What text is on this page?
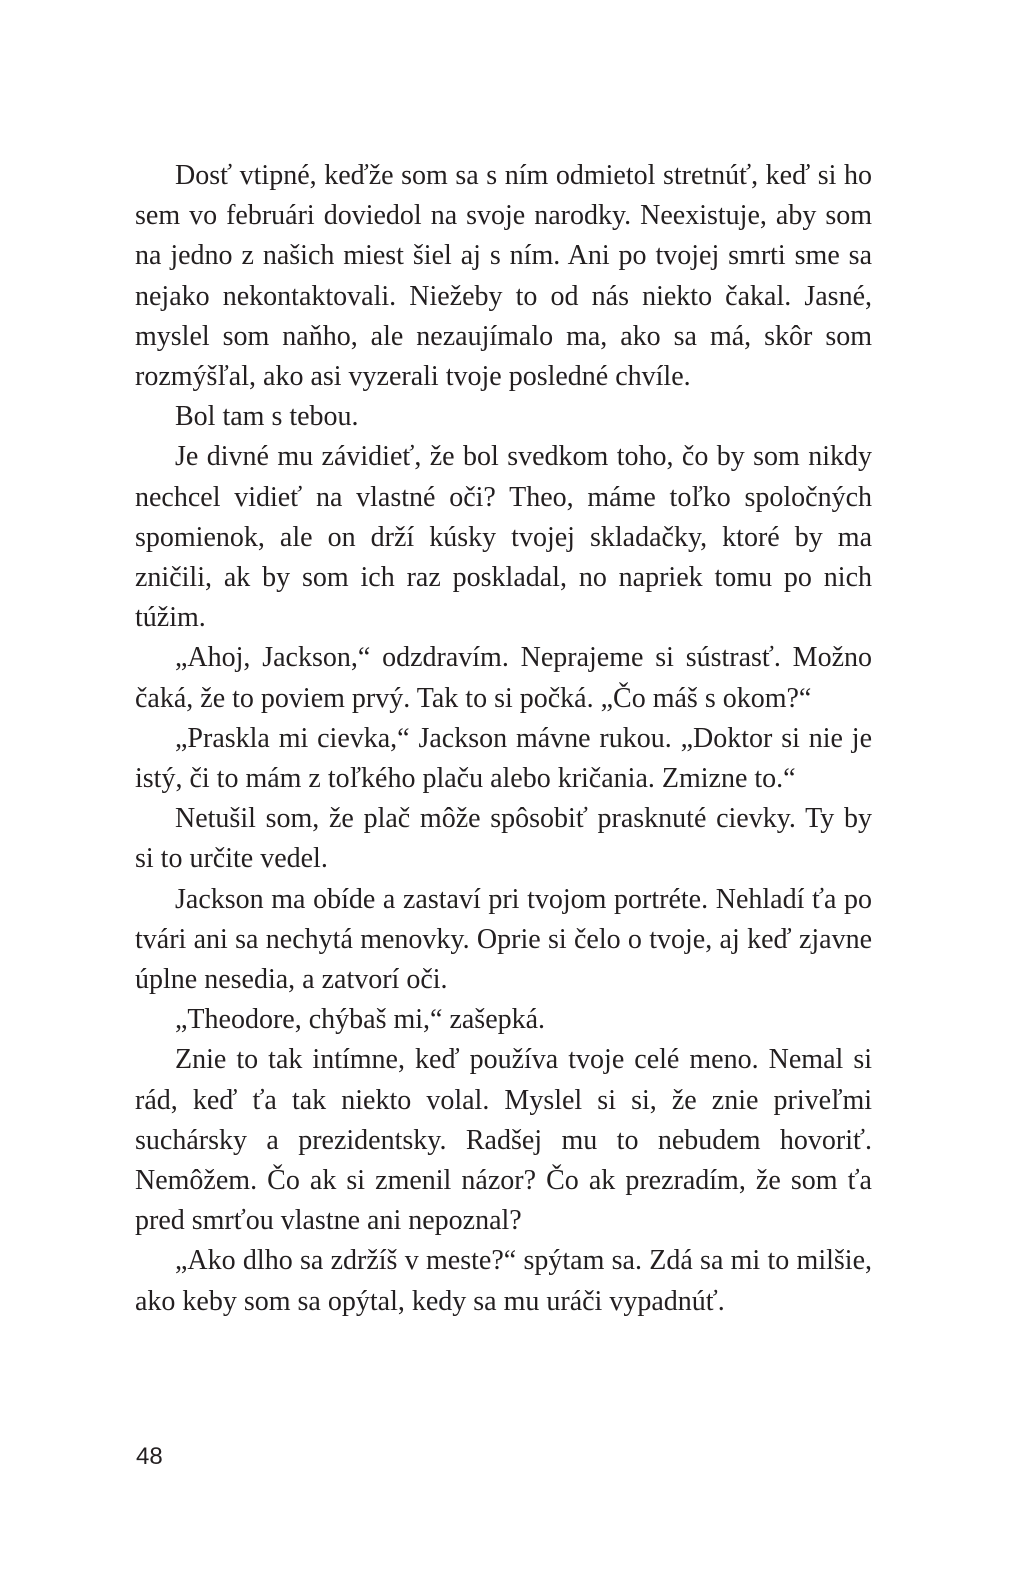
Dosť vtipné, keďže som sa s ním odmietol stretnúť, keď si ho sem vo februári doviedol na svoje narodky. Neexistuje, aby som na jedno z našich miest šiel aj s ním. Ani po tvojej smrti sme sa nejako nekontaktovali. Niežeby to od nás niekto čakal. Jasné, myslel som naňho, ale nezaujímalo ma, ako sa má, skôr som rozmýšľal, ako asi vyzerali tvoje posledné chvíle.

Bol tam s tebou.

Je divné mu závidieť, že bol svedkom toho, čo by som nikdy nechcel vidieť na vlastné oči? Theo, máme toľko spoločných spomienok, ale on drží kúsky tvojej skladačky, ktoré by ma zničili, ak by som ich raz poskladal, no napriek tomu po nich túžim.

„Ahoj, Jackson,“ odzdravím. Neprajeme si sústrasť. Možno čaká, že to poviem prvý. Tak to si počká. „Čo máš s okom?“

„Praskla mi cievka,“ Jackson mávne rukou. „Doktor si nie je istý, či to mám z toľkého plaču alebo kričania. Zmizne to.“

Netušil som, že plač môže spôsobiť prasknuté cievky. Ty by si to určite vedel.

Jackson ma obíde a zastaví pri tvojom portréte. Nehladí ťa po tvári ani sa nechytá menovky. Oprie si čelo o tvoje, aj keď zjavne úplne nesedia, a zatvorí oči.

„Theodore, chýbaš mi,“ zašepká.

Znie to tak intímne, keď používa tvoje celé meno. Nemal si rád, keď ťa tak niekto volal. Myslel si si, že znie priveľmi suchársky a prezidentsky. Radšej mu to nebudem hovoriť. Nemôžem. Čo ak si zmenil názor? Čo ak prezradím, že som ťa pred smrťou vlastne ani nepoznal?

„Ako dlho sa zdržíš v meste?“ spýtam sa. Zdá sa mi to milšie, ako keby som sa opýtal, kedy sa mu uráči vypadnúť.

48
